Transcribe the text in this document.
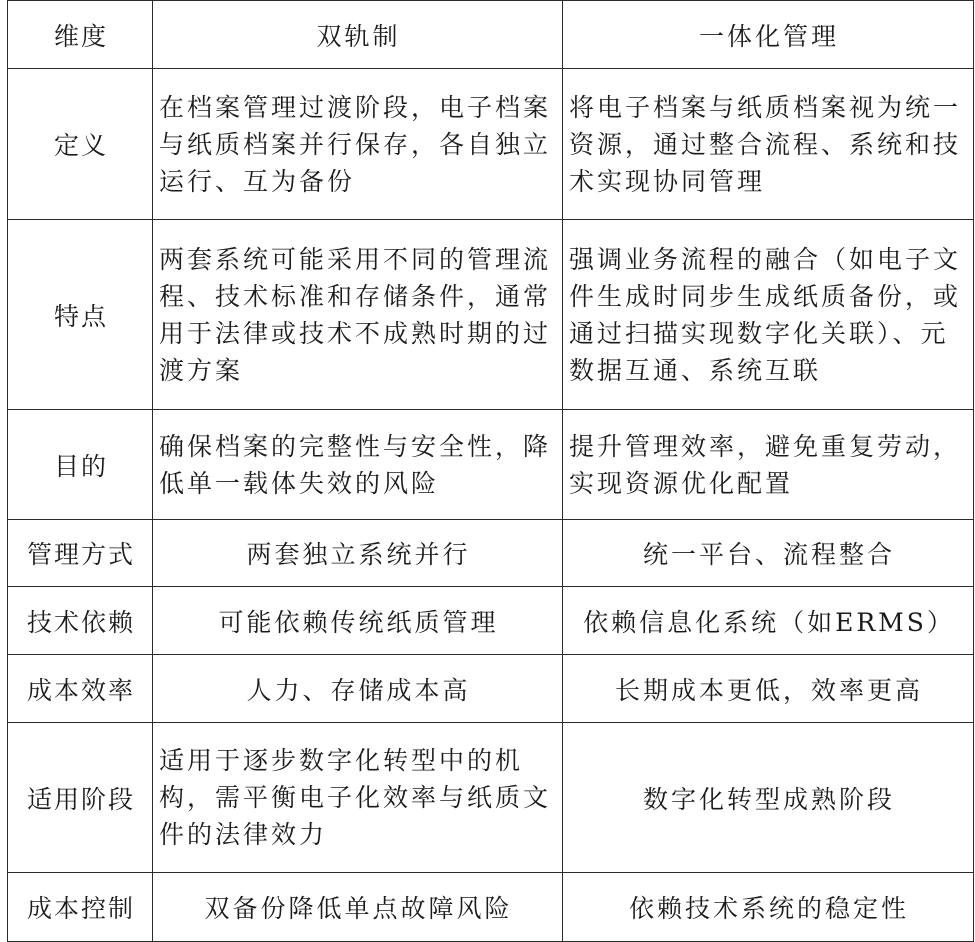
维度	双轨制	一体化管理
定义	在档案管理过渡阶段，电子档案与纸质档案并行保存，各自独立运行、互为备份	将电子档案与纸质档案视为统一资源，通过整合流程、系统和技术实现协同管理
特点	两套系统可能采用不同的管理流程、技术标准和存储条件，通常用于法律或技术不成熟时期的过渡方案	强调业务流程的融合（如电子文件生成时同步生成纸质备份，或通过扫描实现数字化关联）、元数据互通、系统互联
目的	确保档案的完整性与安全性，降低单一载体失效的风险	提升管理效率，避免重复劳动，实现资源优化配置
管理方式	两套独立系统并行	统一平台、流程整合
技术依赖	可能依赖传统纸质管理	依赖信息化系统（如ERMS）
成本效率	人力、存储成本高	长期成本更低，效率更高
适用阶段	适用于逐步数字化转型中的机构，需平衡电子化效率与纸质文件的法律效力	数字化转型成熟阶段
成本控制	双备份降低单点故障风险	依赖技术系统的稳定性
